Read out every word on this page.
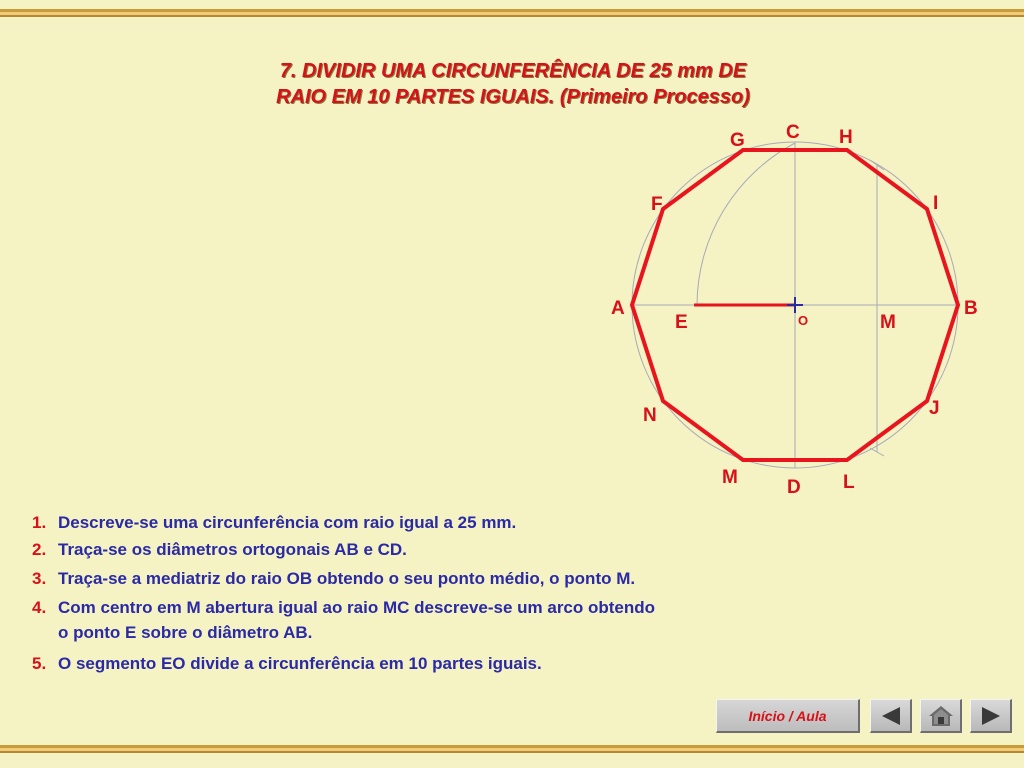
7. DIVIDIR UMA CIRCUNFERÊNCIA DE 25 mm DE
RAIO EM 10 PARTES IGUAIS. (Primeiro Processo)
C
G	H
F	I
A	B
E	O	M
N	J
M	D L
1. Descreve-se uma circunferência com raio igual a 25 mm.
2. Traça-se os diâmetros ortogonais AB e CD.
3. Traça-se a mediatriz do raio OB obtendo o seu ponto médio, o ponto M.
4. Com centro em M abertura igual ao raio MC descreve-se um arco obtendo
o ponto E sobre o diâmetro AB.
5. O segmento EO divide a circunferência em 10 partes iguais.
Início / Aula
